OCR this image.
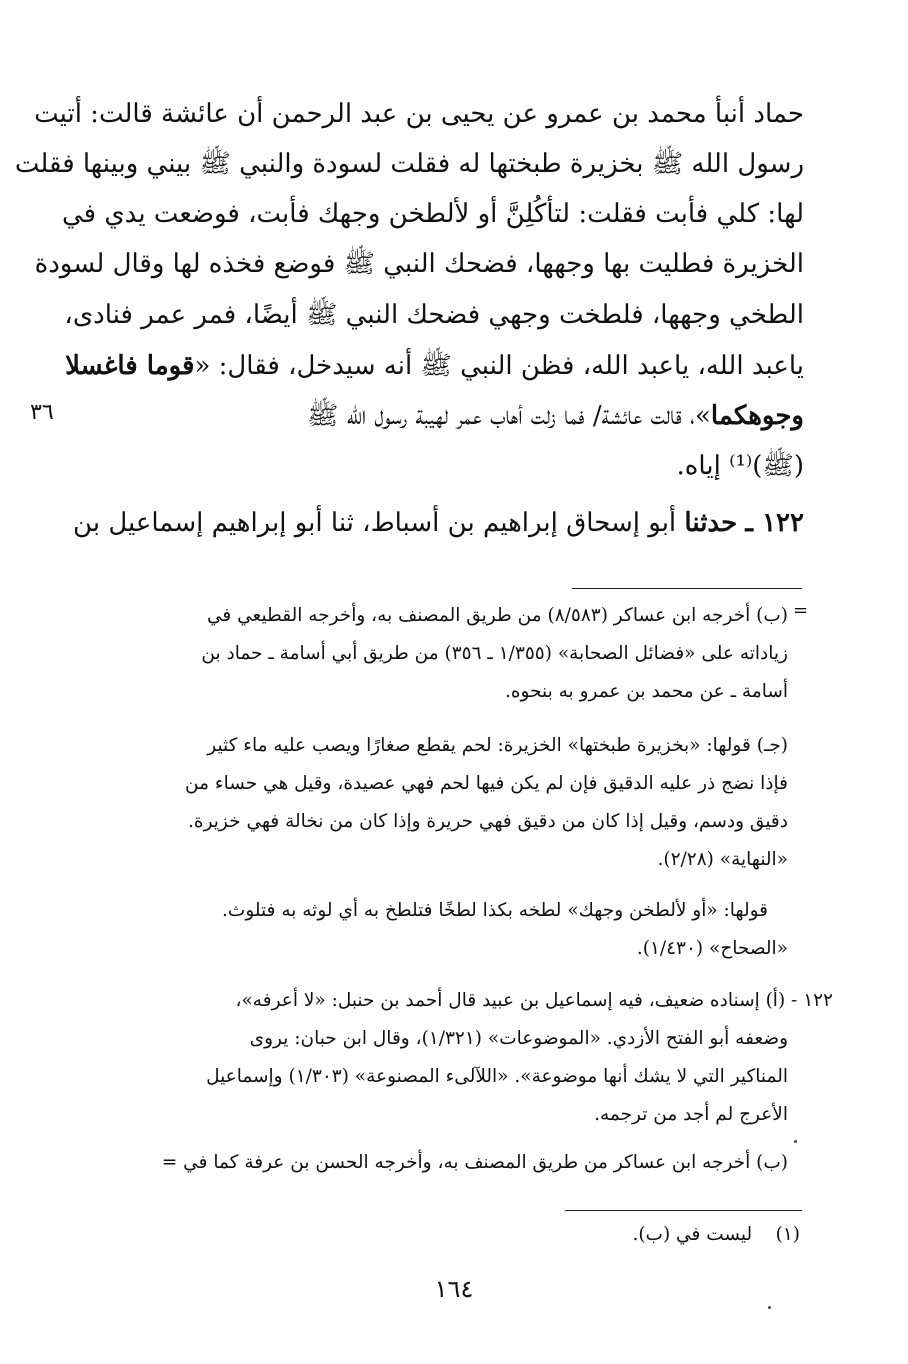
حماد أنبأ محمد بن عمرو عن يحيى بن عبد الرحمن أن عائشة قالت: أتيت
رسول الله ﷺ بخزيرة طبختها له فقلت لسودة والنبي ﷺ بيني وبينها فقلت
لها: كلي فأبت فقلت: لتأكُلِنَّ أو لألطخن وجهك فأبت، فوضعت يدي في
الخزيرة فطليت بها وجهها، فضحك النبي ﷺ فوضع فخذه لها وقال لسودة
الطخي وجهها، فلطخت وجهي فضحك النبي ﷺ أيضًا، فمر عمر فنادى،
ياعبد الله، ياعبد الله، فظن النبي ﷺ أنه سيدخل، فقال: «قوما فاغسلا
وجوهكما»، قالت عائشة/ فما زلت أهاب عمر لهيبة رسول الله ﷺ
(ﷺ)⁽¹⁾ إياه.
١٢٢ ـ حدثنا أبو إسحاق إبراهيم بن أسباط، ثنا أبو إبراهيم إسماعيل بن
٣٦
=
(ب) أخرجه ابن عساكر (٨/٥٨٣) من طريق المصنف به، وأخرجه القطيعي في
زياداته على «فضائل الصحابة» (١/٣٥٥ ـ ٣٥٦) من طريق أبي أسامة ـ حماد بن
أسامة ـ عن محمد بن عمرو به بنحوه.
(جـ) قولها: «بخزيرة طبختها» الخزيرة: لحم يقطع صغارًا ويصب عليه ماء كثير
فإذا نضج ذر عليه الدقيق فإن لم يكن فيها لحم فهي عصيدة، وقيل هي حساء من
دقيق ودسم، وقيل إذا كان من دقيق فهي حريرة وإذا كان من نخالة فهي خزيرة.
«النهاية» (٢/٢٨).
قولها: «أو لألطخن وجهك» لطخه بكذا لطخًا فتلطخ به أي لوثه به فتلوث.
«الصحاح» (١/٤٣٠).
١٢٢ - (أ) إسناده ضعيف، فيه إسماعيل بن عبيد قال أحمد بن حنبل: «لا أعرفه»،
وضعفه أبو الفتح الأزدي. «الموضوعات» (١/٣٢١)، وقال ابن حبان: يروى
المناكير التي لا يشك أنها موضوعة». «اللآلىء المصنوعة» (١/٣٠٣) وإسماعيل
الأعرج لم أجد من ترجمه.
(ب) أخرجه ابن عساكر من طريق المصنف به، وأخرجه الحسن بن عرفة كما في =
(١)    ليست في (ب).
١٦٤
